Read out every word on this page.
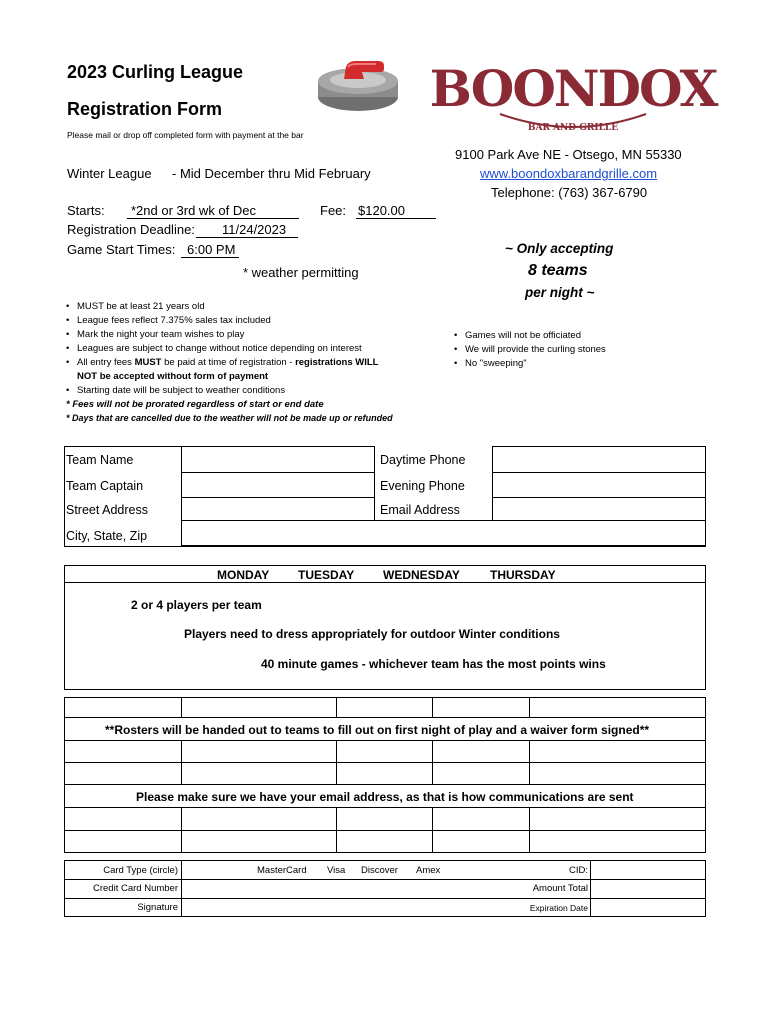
2023 Curling League
Registration Form
Please mail or drop off completed form with payment at the bar
BOONDOX
BAR AND GRILLE
9100 Park Ave NE - Otsego, MN 55330
www.boondoxbarandgrille.com
Telephone: (763) 367-6790
Winter League - Mid December thru Mid February
Starts:	*2nd or 3rd wk of Dec	Fee: $120.00
Registration Deadline:	11/24/2023
Game Start Times: 6:00 PM
* weather permitting
~ Only accepting
8 teams
per night ~
• MUST be at least 21 years old
• League fees reflect 7.375% sales tax included
• Mark the night your team wishes to play
• Leagues are subject to change without notice depending on interest
• All entry fees MUST be paid at time of registration - registrations WILL
NOT be accepted without form of payment
• Starting date will be subject to weather conditions
* Fees will not be prorated regardless of start or end date
* Days that are cancelled due to the weather will not be made up or refunded
• Games will not be officiated
• We will provide the curling stones
• No "sweeping"
Team Name	Daytime Phone
Team Captain	Evening Phone
Street Address	Email Address
City, State, Zip
MONDAY TUESDAY WEDNESDAY	THURSDAY
2 or 4 players per team
Players need to dress appropriately for outdoor Winter conditions
40 minute games - whichever team has the most points wins
**Rosters will be handed out to teams to fill out on first night of play and a waiver form signed**
Please make sure we have your email address, as that is how communications are sent
Card Type (circle)	MasterCard Visa Discover Amex	CID:
Credit Card Number	Amount Total
Signature	Expiration Date
